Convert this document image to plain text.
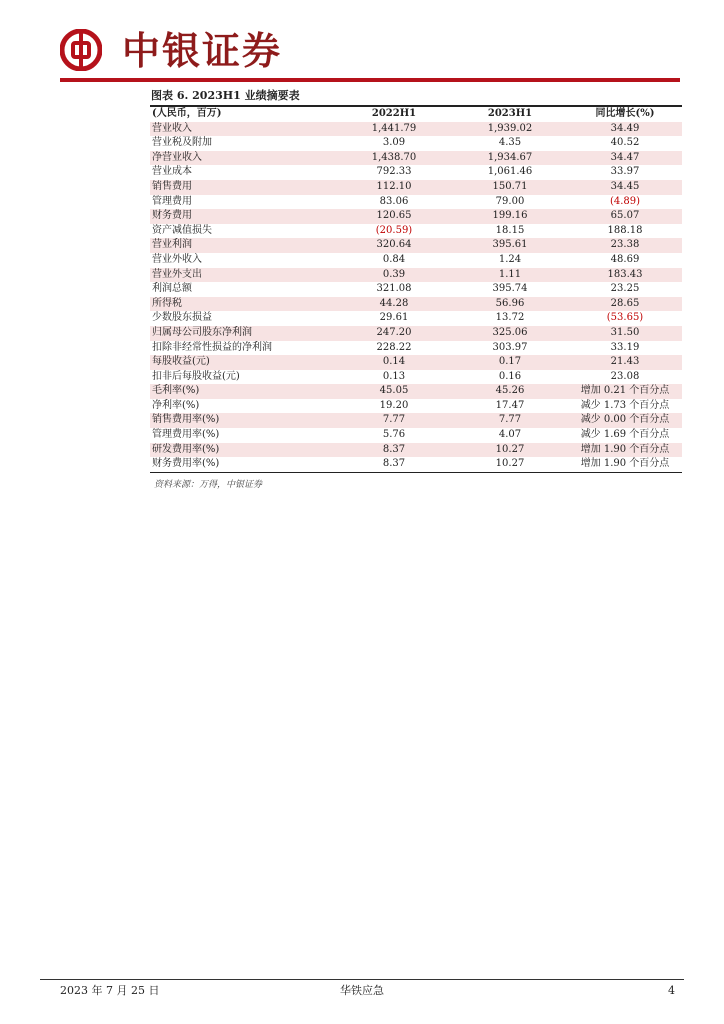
中银证券
图表 6. 2023H1 业绩摘要表
(人民币，百万)	2022H1	2023H1	同比增长(%)
营业收入	1,441.79	1,939.02	34.49
营业税及附加	3.09	4.35	40.52
净营业收入	1,438.70	1,934.67	34.47
营业成本	792.33	1,061.46	33.97
销售费用	112.10	150.71	34.45
管理费用	83.06	79.00	(4.89)
财务费用	120.65	199.16	65.07
资产减值损失	(20.59)	18.15	188.18
营业利润	320.64	395.61	23.38
营业外收入	0.84	1.24	48.69
营业外支出	0.39	1.11	183.43
利润总额	321.08	395.74	23.25
所得税	44.28	56.96	28.65
少数股东损益	29.61	13.72	(53.65)
归属母公司股东净利润	247.20	325.06	31.50
扣除非经常性损益的净利润	228.22	303.97	33.19
每股收益(元)	0.14	0.17	21.43
扣非后每股收益(元)	0.13	0.16	23.08
毛利率(%)	45.05	45.26	增加 0.21 个百分点
净利率(%)	19.20	17.47	减少 1.73 个百分点
销售费用率(%)	7.77	7.77	减少 0.00 个百分点
管理费用率(%)	5.76	4.07	减少 1.69 个百分点
研发费用率(%)	8.37	10.27	增加 1.90 个百分点
财务费用率(%)	8.37	10.27	增加 1.90 个百分点
资料来源：万得，中银证券
2023 年 7 月 25 日	华铁应急	4
